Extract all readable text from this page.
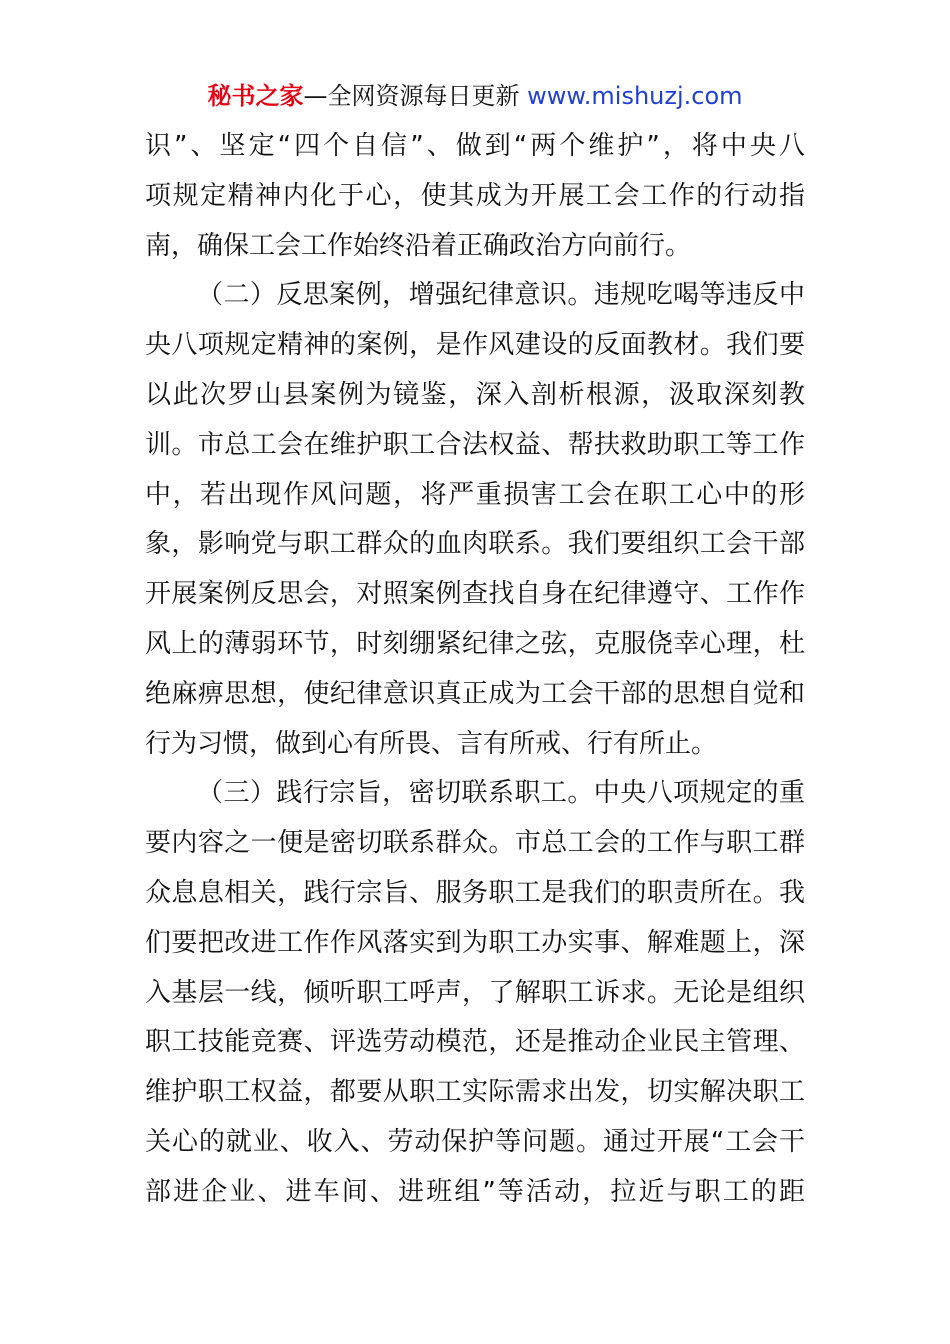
秘书之家—全网资源每日更新 www.mishuzj.com
识”、坚定“四个自信”、做到“两个维护”，将中央八
项规定精神内化于心，使其成为开展工会工作的行动指
南，确保工会工作始终沿着正确政治方向前行。
（二）反思案例，增强纪律意识。违规吃喝等违反中
央八项规定精神的案例，是作风建设的反面教材。我们要
以此次罗山县案例为镜鉴，深入剖析根源，汲取深刻教
训。市总工会在维护职工合法权益、帮扶救助职工等工作
中，若出现作风问题，将严重损害工会在职工心中的形
象，影响党与职工群众的血肉联系。我们要组织工会干部
开展案例反思会，对照案例查找自身在纪律遵守、工作作
风上的薄弱环节，时刻绷紧纪律之弦，克服侥幸心理，杜
绝麻痹思想，使纪律意识真正成为工会干部的思想自觉和
行为习惯，做到心有所畏、言有所戒、行有所止。
（三）践行宗旨，密切联系职工。中央八项规定的重
要内容之一便是密切联系群众。市总工会的工作与职工群
众息息相关，践行宗旨、服务职工是我们的职责所在。我
们要把改进工作作风落实到为职工办实事、解难题上，深
入基层一线，倾听职工呼声，了解职工诉求。无论是组织
职工技能竞赛、评选劳动模范，还是推动企业民主管理、
维护职工权益，都要从职工实际需求出发，切实解决职工
关心的就业、收入、劳动保护等问题。通过开展“工会干
部进企业、进车间、进班组”等活动，拉近与职工的距
